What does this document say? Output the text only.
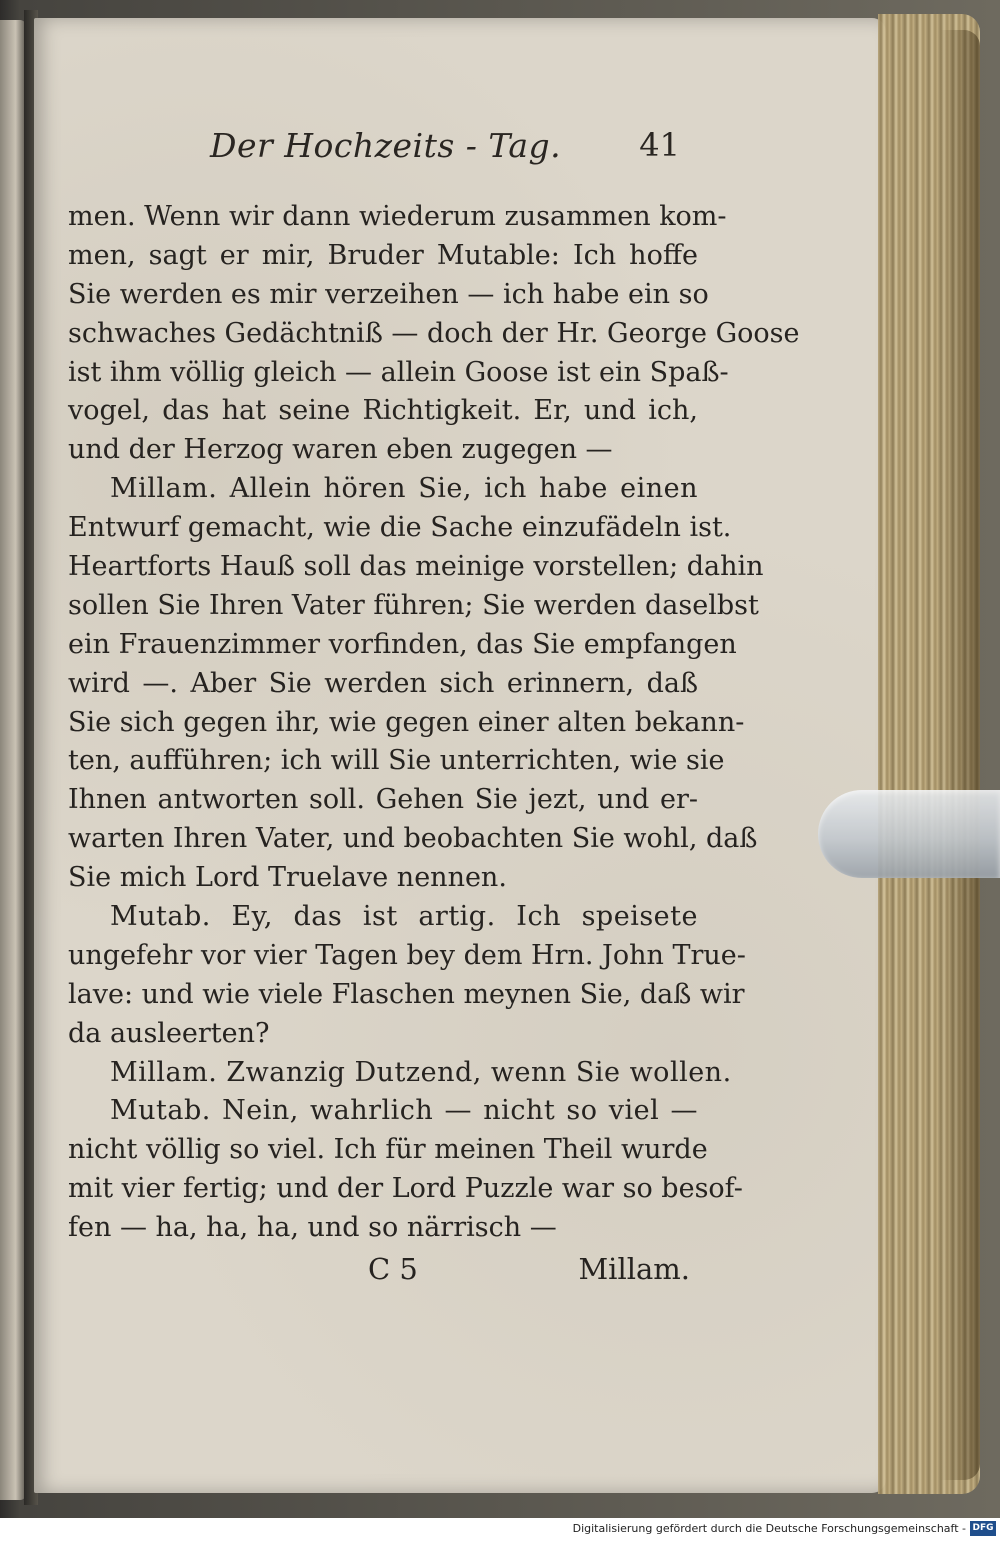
Der Hochzeits - Tag. 41
men. Wenn wir dann wiederum zusammen kom-
men, sagt er mir, Bruder Mutable: Ich hoffe
Sie werden es mir verzeihen — ich habe ein so
schwaches Gedächtniß — doch der Hr. George Goose
ist ihm völlig gleich — allein Goose ist ein Spaß-
vogel, das hat seine Richtigkeit. Er, und ich,
und der Herzog waren eben zugegen —
Millam. Allein hören Sie, ich habe einen
Entwurf gemacht, wie die Sache einzufädeln ist.
Heartforts Hauß soll das meinige vorstellen; dahin
sollen Sie Ihren Vater führen; Sie werden daselbst
ein Frauenzimmer vorfinden, das Sie empfangen
wird —. Aber Sie werden sich erinnern, daß
Sie sich gegen ihr, wie gegen einer alten bekann-
ten, aufführen; ich will Sie unterrichten, wie sie
Ihnen antworten soll. Gehen Sie jezt, und er-
warten Ihren Vater, und beobachten Sie wohl, daß
Sie mich Lord Truelave nennen.
Mutab. Ey, das ist artig. Ich speisete
ungefehr vor vier Tagen bey dem Hrn. John True-
lave: und wie viele Flaschen meynen Sie, daß wir
da ausleerten?
Millam. Zwanzig Dutzend, wenn Sie wollen.
Mutab. Nein, wahrlich — nicht so viel —
nicht völlig so viel. Ich für meinen Theil wurde
mit vier fertig; und der Lord Puzzle war so besof-
fen — ha, ha, ha, und so närrisch —
C 5	Millam.
Digitalisierung gefördert durch die Deutsche Forschungsgemeinschaft - DFG
